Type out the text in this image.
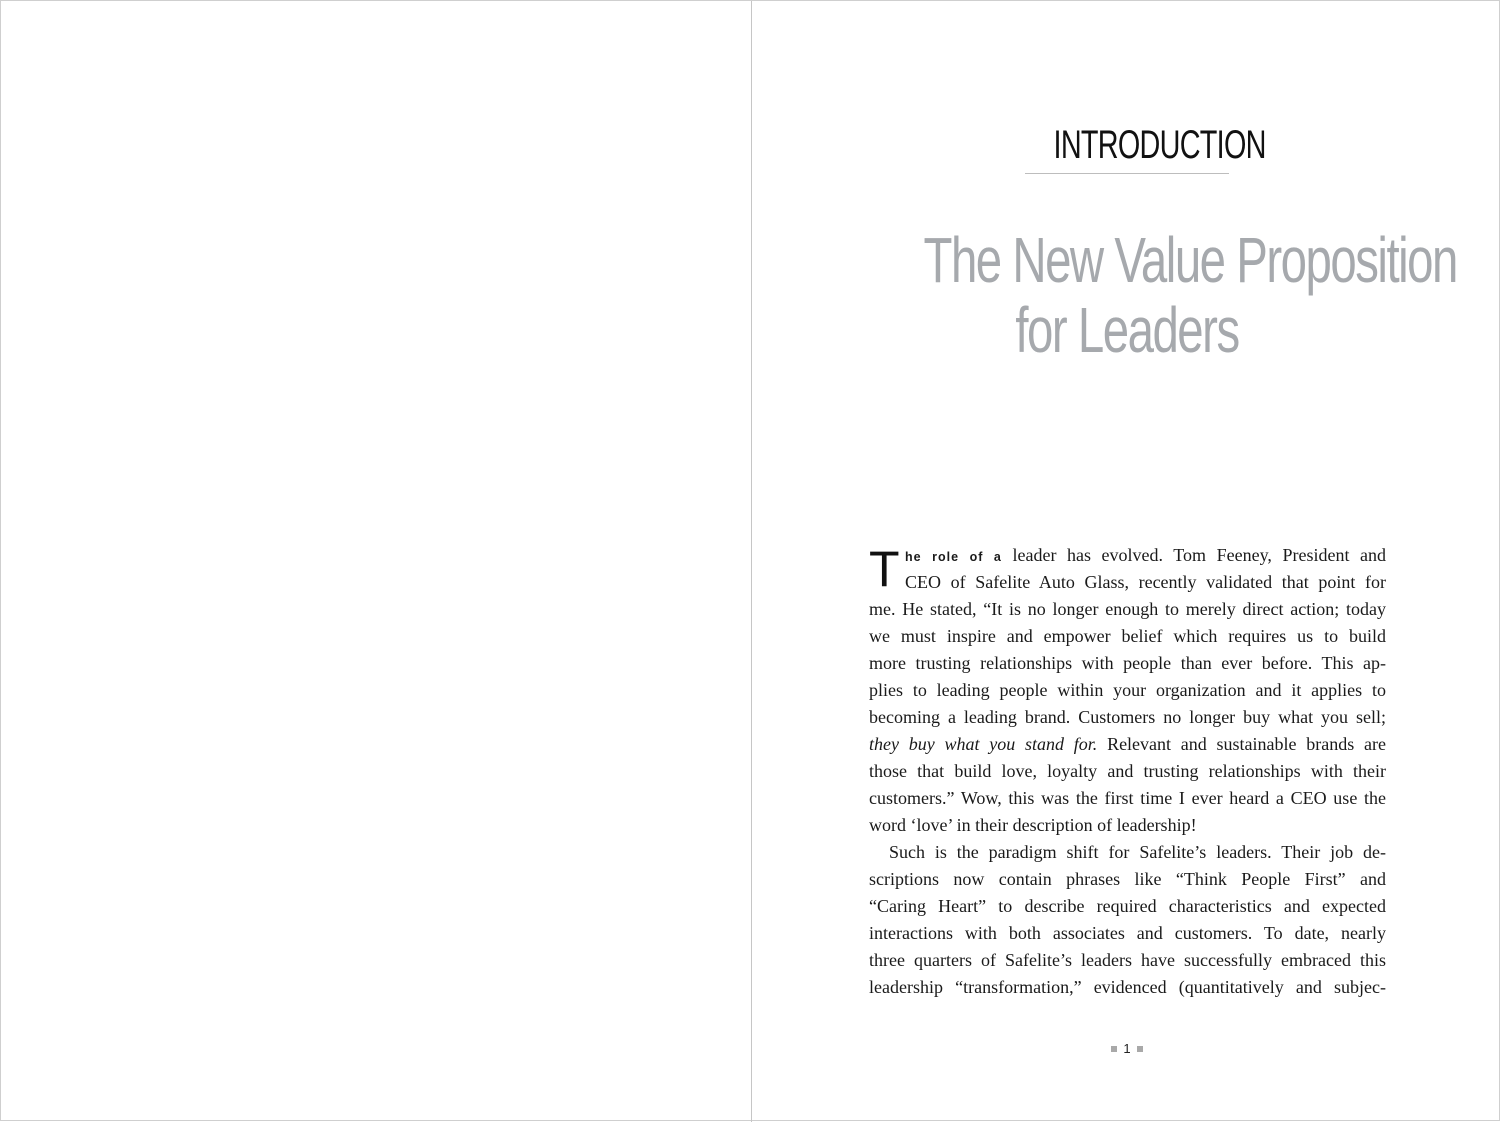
INTRODUCTION
The New Value Proposition
for Leaders
T he role of a leader has evolved. Tom Feeney, President and
CEO of Safelite Auto Glass, recently validated that point for
me. He stated, “It is no longer enough to merely direct action; today
we must inspire and empower belief which requires us to build
more trusting relationships with people than ever before. This ap-
plies to leading people within your organization and it applies to
becoming a leading brand. Customers no longer buy what you sell;
they buy what you stand for. Relevant and sustainable brands are
those that build love, loyalty and trusting relationships with their
customers.” Wow, this was the first time I ever heard a CEO use the
word ‘love’ in their description of leadership!
Such is the paradigm shift for Safelite’s leaders. Their job de-
scriptions now contain phrases like “Think People First” and
“Caring Heart” to describe required characteristics and expected
interactions with both associates and customers. To date, nearly
three quarters of Safelite’s leaders have successfully embraced this
leadership “transformation,” evidenced (quantitatively and subjec-
1
